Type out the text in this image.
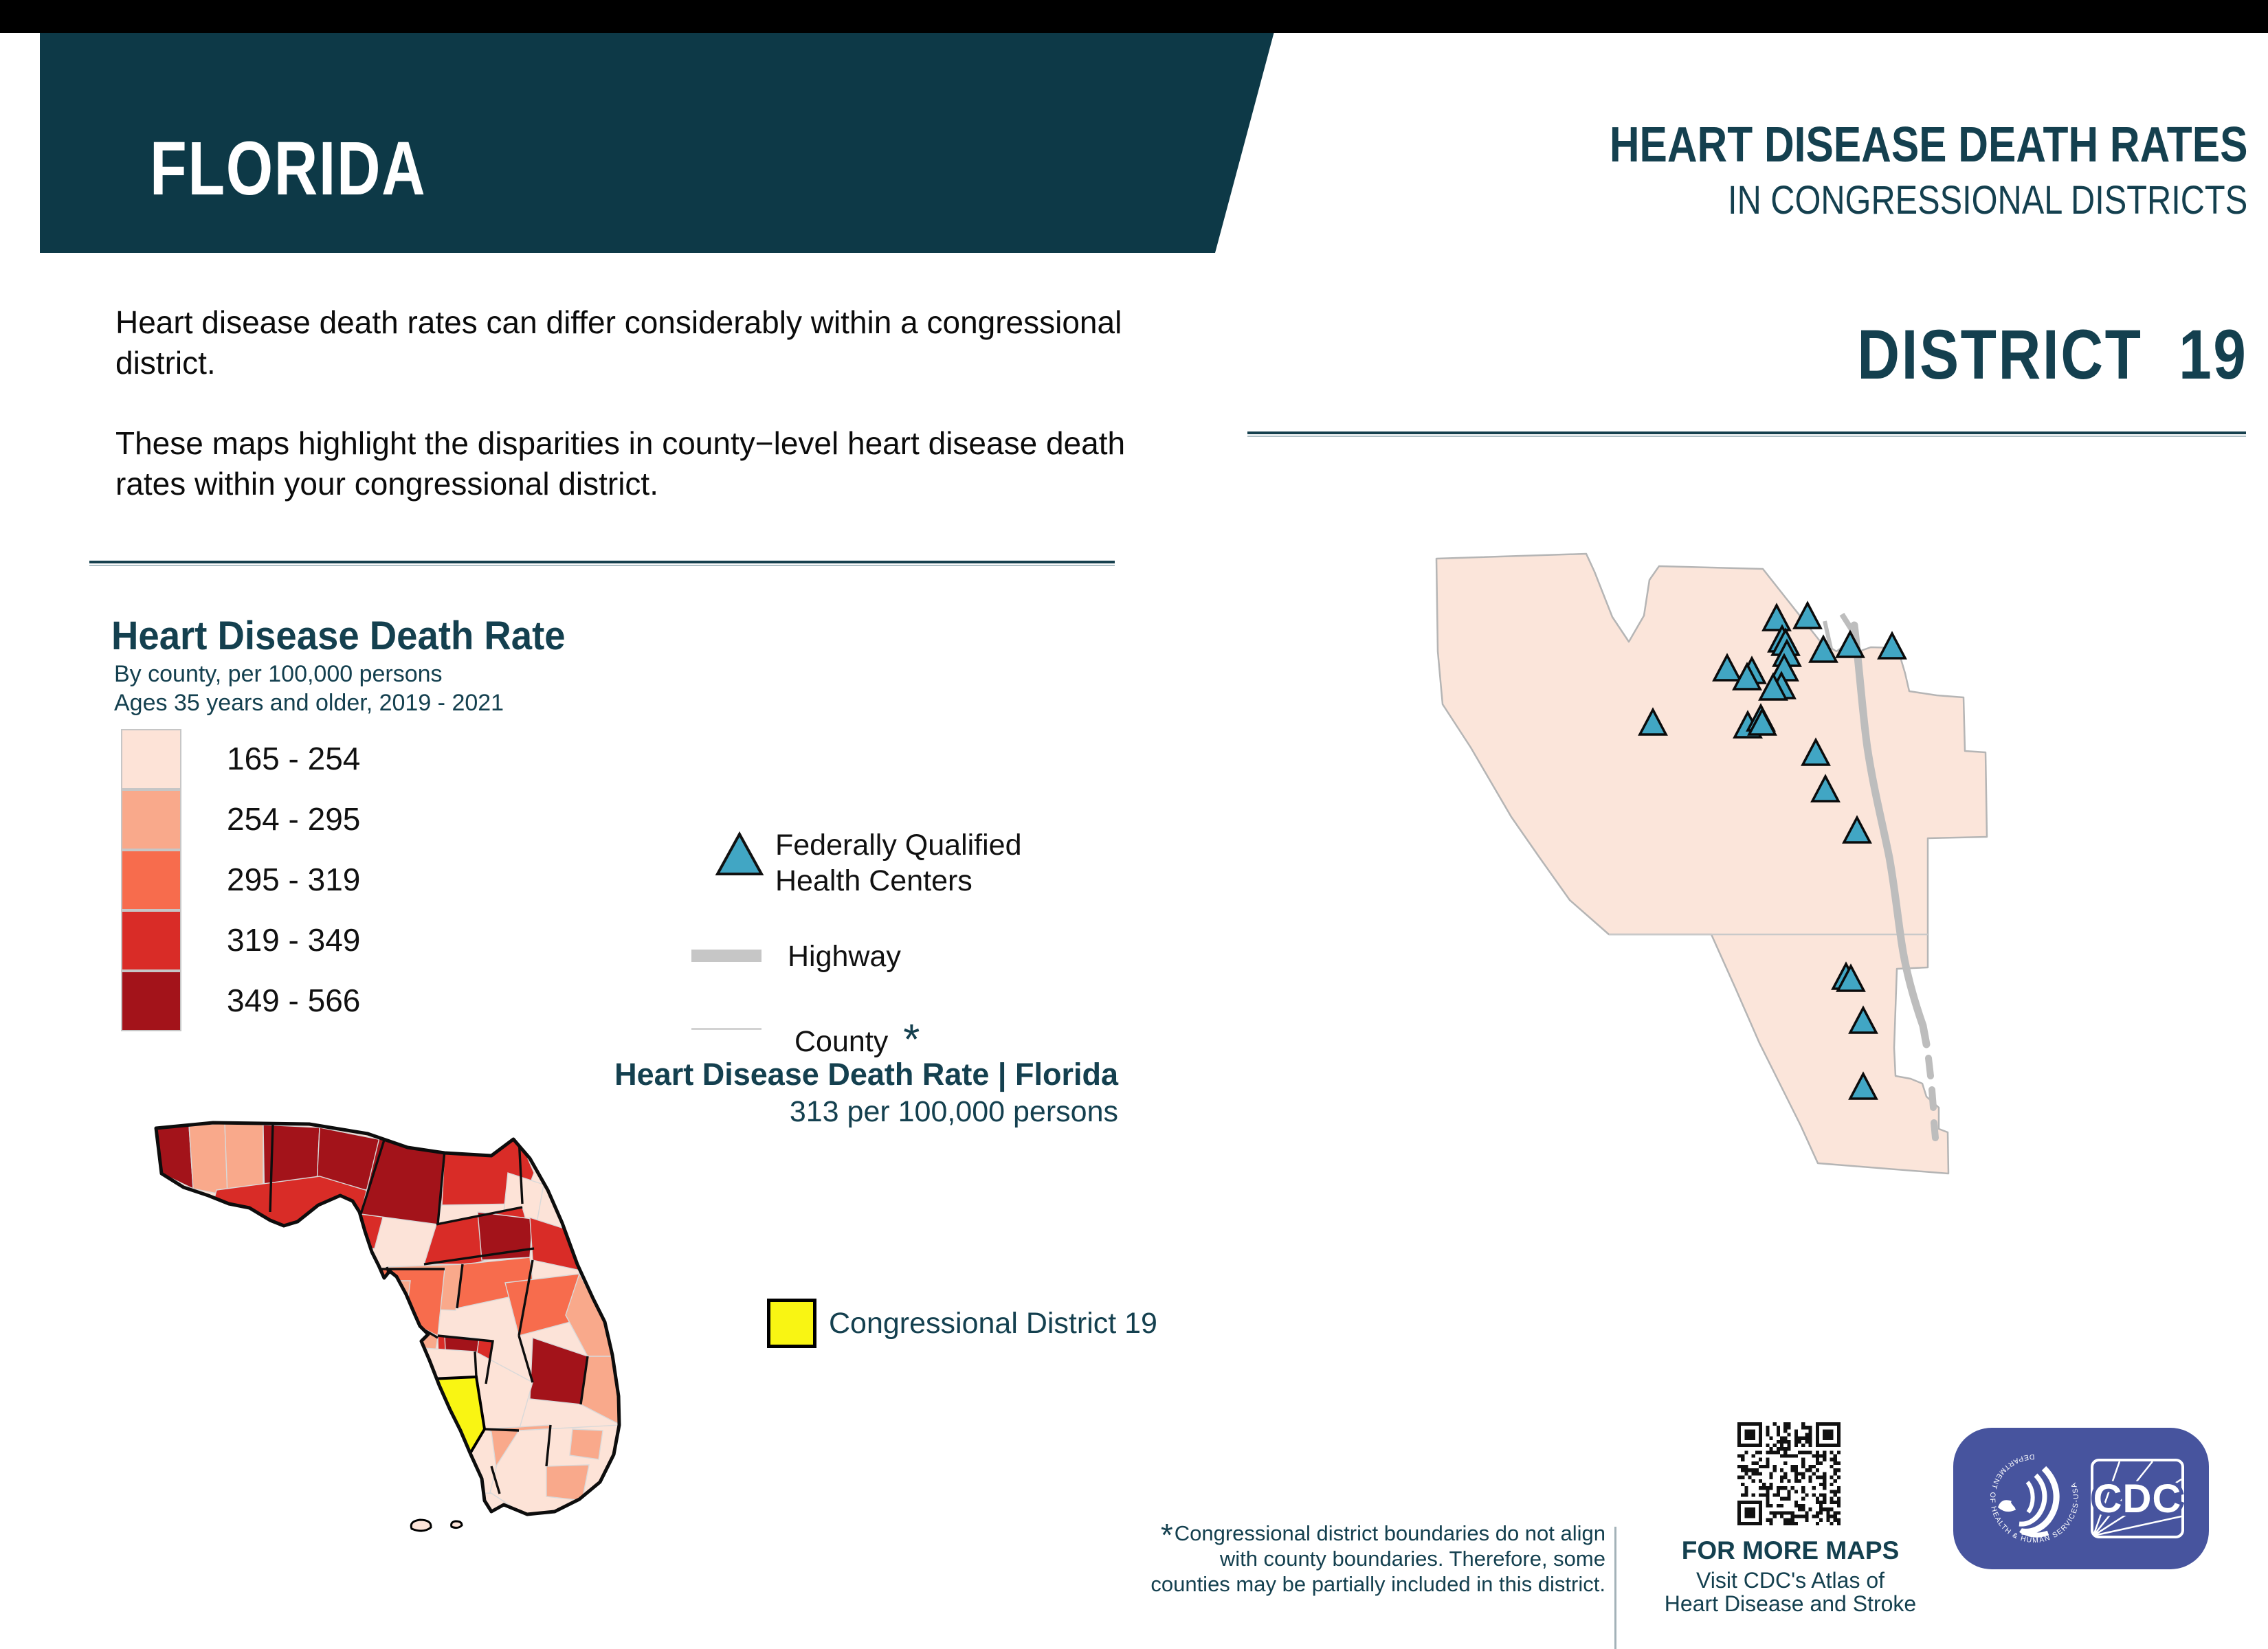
FLORIDA	HEART DISEASE DEATH RATES
IN CONGRESSIONAL DISTRICTS
DISTRICT  19

Heart disease death rates can differ considerably within a congressional district.

These maps highlight the disparities in county−level heart disease death rates within your congressional district.

Heart Disease Death Rate
By county, per 100,000 persons
Ages 35 years and older, 2019 - 2021
165 - 254
254 - 295
295 - 319
319 - 349
349 - 566
Federally Qualified
Health Centers
Highway
County *
Heart Disease Death Rate | Florida
313 per 100,000 persons
Congressional District 19
*Congressional district boundaries do not align
with county boundaries. Therefore, some
counties may be partially included in this district.
FOR MORE MAPS
Visit CDC's Atlas of
Heart Disease and Stroke
DEPARTMENT OF HEALTH & HUMAN SERVICES-USA CDC
